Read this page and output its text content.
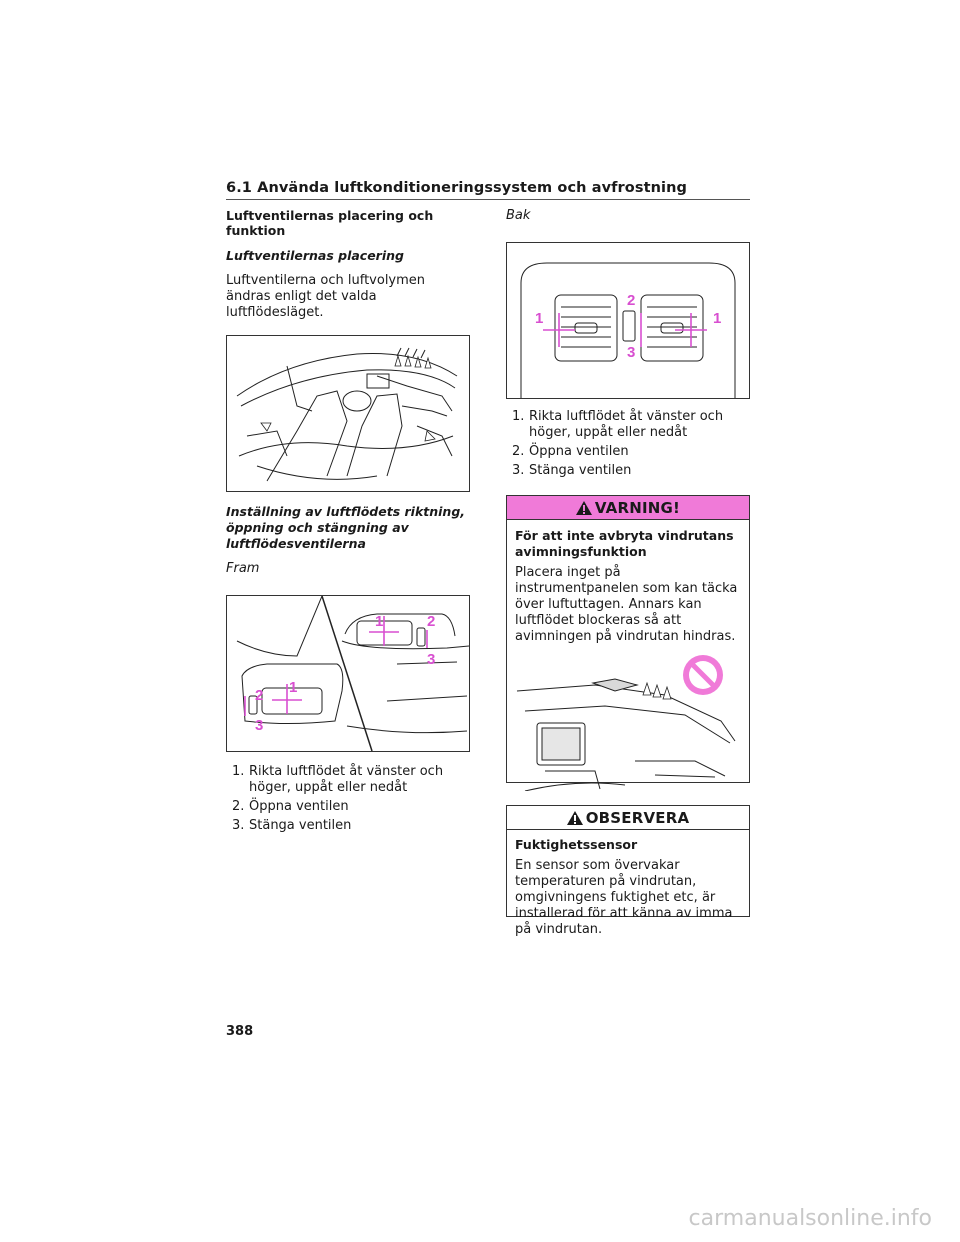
6.1 Använda luftkonditioneringssystem och avfrostning
Luftventilernas placering och funktion
Luftventilernas placering
Luftventilerna och luftvolymen ändras enligt det valda luftflödesläget.
Inställning av luftflödets riktning, öppning och stängning av luftflödesventilerna
Fram
1	2
3
1
2
3
1. Rikta luftflödet åt vänster och höger, uppåt eller nedåt
2. Öppna ventilen
3. Stänga ventilen
Bak
1
2
3
1
1. Rikta luftflödet åt vänster och höger, uppåt eller nedåt
2. Öppna ventilen
3. Stänga ventilen
VARNING!
För att inte avbryta vindrutans avimningsfunktion
Placera inget på instrumentpanelen som kan täcka över luftuttagen. Annars kan luftflödet blockeras så att avimningen på vindrutan hindras.
OBSERVERA
Fuktighetssensor
En sensor som övervakar temperaturen på vindrutan, omgivningens fuktighet etc, är installerad för att känna av imma på vindrutan.
388
carmanualsonline.info
